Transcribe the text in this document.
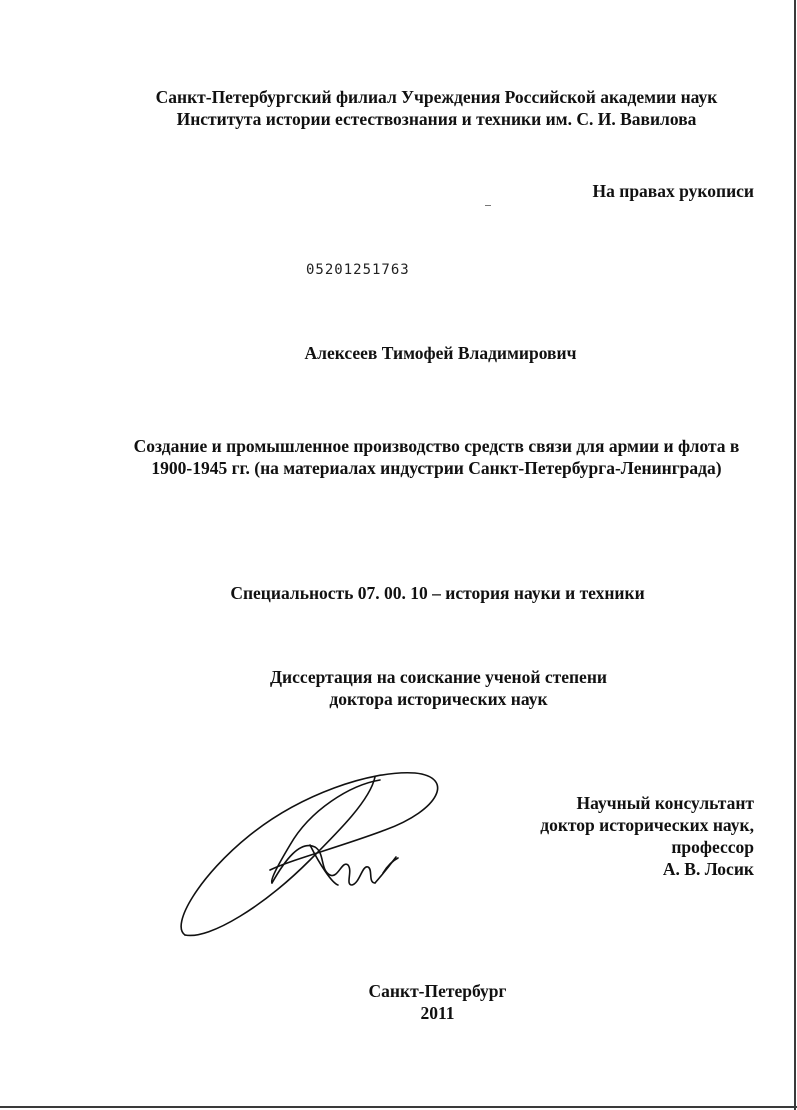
Санкт-Петербургский филиал Учреждения Российской академии наук
Института истории естествознания и техники им. С. И. Вавилова
На правах рукописи
05201251763
Алексеев Тимофей Владимирович
Создание и промышленное производство средств связи для армии и флота в
1900-1945 гг. (на материалах индустрии Санкт-Петербурга-Ленинграда)
Специальность 07. 00. 10 – история науки и техники
Диссертация на соискание ученой степени
доктора исторических наук
Научный консультант
доктор исторических наук,
профессор
А. В. Лосик
Санкт-Петербург
2011
